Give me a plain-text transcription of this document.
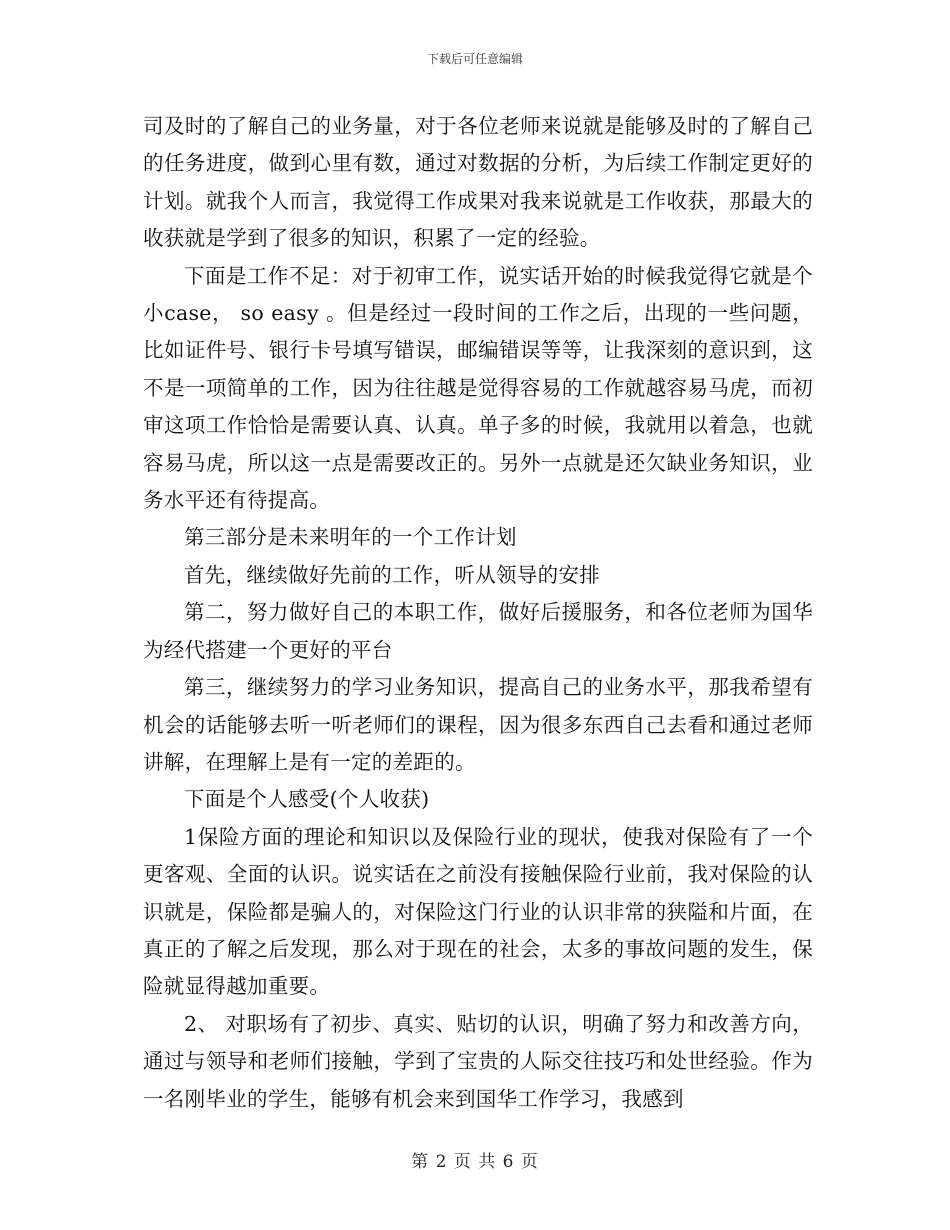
下载后可任意编辑

司及时的了解自己的业务量，对于各位老师来说就是能够及时的了解自己的任务进度，做到心里有数，通过对数据的分析，为后续工作制定更好的计划。就我个人而言，我觉得工作成果对我来说就是工作收获，那最大的收获就是学到了很多的知识，积累了一定的经验。

下面是工作不足：对于初审工作，说实话开始的时候我觉得它就是个小case， so easy 。但是经过一段时间的工作之后，出现的一些问题，比如证件号、银行卡号填写错误，邮编错误等等，让我深刻的意识到，这不是一项简单的工作，因为往往越是觉得容易的工作就越容易马虎，而初审这项工作恰恰是需要认真、认真。单子多的时候，我就用以着急，也就容易马虎，所以这一点是需要改正的。另外一点就是还欠缺业务知识，业务水平还有待提高。

第三部分是未来明年的一个工作计划

首先，继续做好先前的工作，听从领导的安排

第二，努力做好自己的本职工作，做好后援服务，和各位老师为国华为经代搭建一个更好的平台

第三，继续努力的学习业务知识，提高自己的业务水平，那我希望有机会的话能够去听一听老师们的课程，因为很多东西自己去看和通过老师讲解，在理解上是有一定的差距的。

下面是个人感受(个人收获)

1保险方面的理论和知识以及保险行业的现状，使我对保险有了一个更客观、全面的认识。说实话在之前没有接触保险行业前，我对保险的认识就是，保险都是骗人的，对保险这门行业的认识非常的狭隘和片面，在真正的了解之后发现，那么对于现在的社会，太多的事故问题的发生，保险就显得越加重要。

2、 对职场有了初步、真实、贴切的认识，明确了努力和改善方向，通过与领导和老师们接触，学到了宝贵的人际交往技巧和处世经验。作为一名刚毕业的学生，能够有机会来到国华工作学习，我感到

第 2 页 共 6 页
